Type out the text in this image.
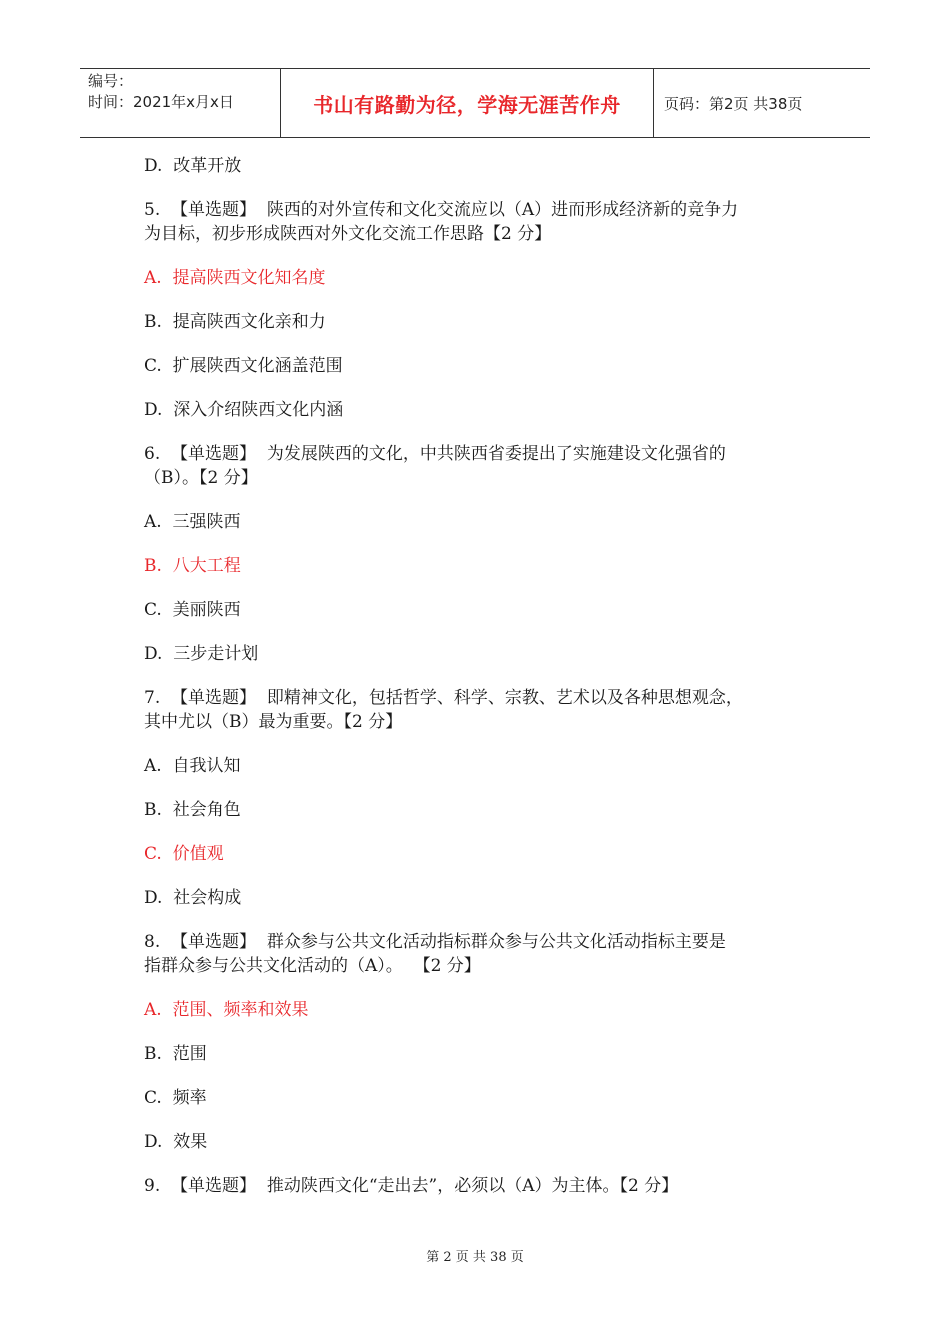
编号：
时间：2021年x月x日	书山有路勤为径，学海无涯苦作舟	页码：第2页 共38页

D.  改革开放

5.  【单选题】  陕西的对外宣传和文化交流应以（A）进而形成经济新的竞争力

为目标，初步形成陕西对外文化交流工作思路【2 分】

A.  提高陕西文化知名度

B.  提高陕西文化亲和力

C.  扩展陕西文化涵盖范围

D.  深入介绍陕西文化内涵

6.  【单选题】  为发展陕西的文化，中共陕西省委提出了实施建设文化强省的

（B）。【2 分】

A.  三强陕西

B.  八大工程

C.  美丽陕西

D.  三步走计划

7.  【单选题】  即精神文化，包括哲学、科学、宗教、艺术以及各种思想观念，

其中尤以（B）最为重要。【2 分】

A.  自我认知

B.  社会角色

C.  价值观

D.  社会构成

8.  【单选题】  群众参与公共文化活动指标群众参与公共文化活动指标主要是

指群众参与公共文化活动的（A）。  【2 分】

A.  范围、频率和效果

B.  范围

C.  频率

D.  效果

9.  【单选题】  推动陕西文化“走出去”，必须以（A）为主体。【2 分】

第 2 页 共 38 页
